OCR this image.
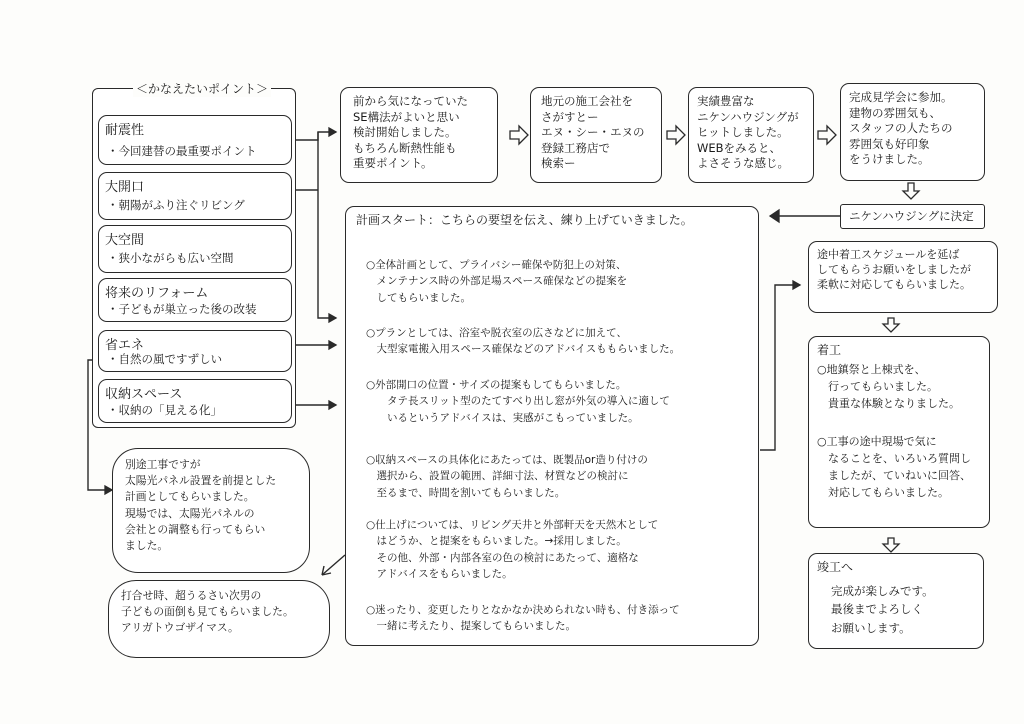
＜かなえたいポイント＞
耐震性
・今回建替の最重要ポイント
大開口
・朝陽がふり注ぐリビング
大空間
・狭小ながらも広い空間
将来のリフォーム
・子どもが巣立った後の改装
省エネ
・自然の風ですずしい
収納スペース
・収納の「見える化」
前から気になっていた
SE構法がよいと思い
検討開始しました。
もちろん断熱性能も
重要ポイント。
地元の施工会社を
さがすとー
エヌ・シー・エヌの
登録工務店で
検索ー
実績豊富な
ニケンハウジングが
ヒットしました。
WEBをみると、
よさそうな感じ。
完成見学会に参加。
建物の雰囲気も、
スタッフの人たちの
雰囲気も好印象
をうけました。
ニケンハウジングに決定
計画スタート：こちらの要望を伝え、練り上げていきました。
○全体計画として、プライバシー確保や防犯上の対策、
　メンテナンス時の外部足場スペース確保などの提案を
　してもらいました。
○プランとしては、浴室や脱衣室の広さなどに加えて、
　大型家電搬入用スペース確保などのアドバイスももらいました。
○外部開口の位置・サイズの提案もしてもらいました。
　　タテ長スリット型のたてすべり出し窓が外気の導入に適して
　　いるというアドバイスは、実感がこもっていました。
○収納スペースの具体化にあたっては、既製品or造り付けの
　選択から、設置の範囲、詳細寸法、材質などの検討に
　至るまで、時間を割いてもらいました。
○仕上げについては、リビング天井と外部軒天を天然木として
　はどうか、と提案をもらいました。→採用しました。
　その他、外部・内部各室の色の検討にあたって、適格な
　アドバイスをもらいました。
○迷ったり、変更したりとなかなか決められない時も、付き添って
　一緒に考えたり、提案してもらいました。
途中着工スケジュールを延ば
してもらうお願いをしましたが
柔軟に対応してもらいました。
着工
○地鎮祭と上棟式を、
　行ってもらいました。
　貴重な体験となりました。
○工事の途中現場で気に
　なることを、いろいろ質問し
　ましたが、ていねいに回答、
　対応してもらいました。
竣工へ
完成が楽しみです。
最後までよろしく
お願いします。
別途工事ですが
太陽光パネル設置を前提とした
計画としてもらいました。
現場では、太陽光パネルの
会社との調整も行ってもらい
ました。
打合せ時、超うるさい次男の
子どもの面倒も見てもらいました。
アリガトウゴザイマス。
